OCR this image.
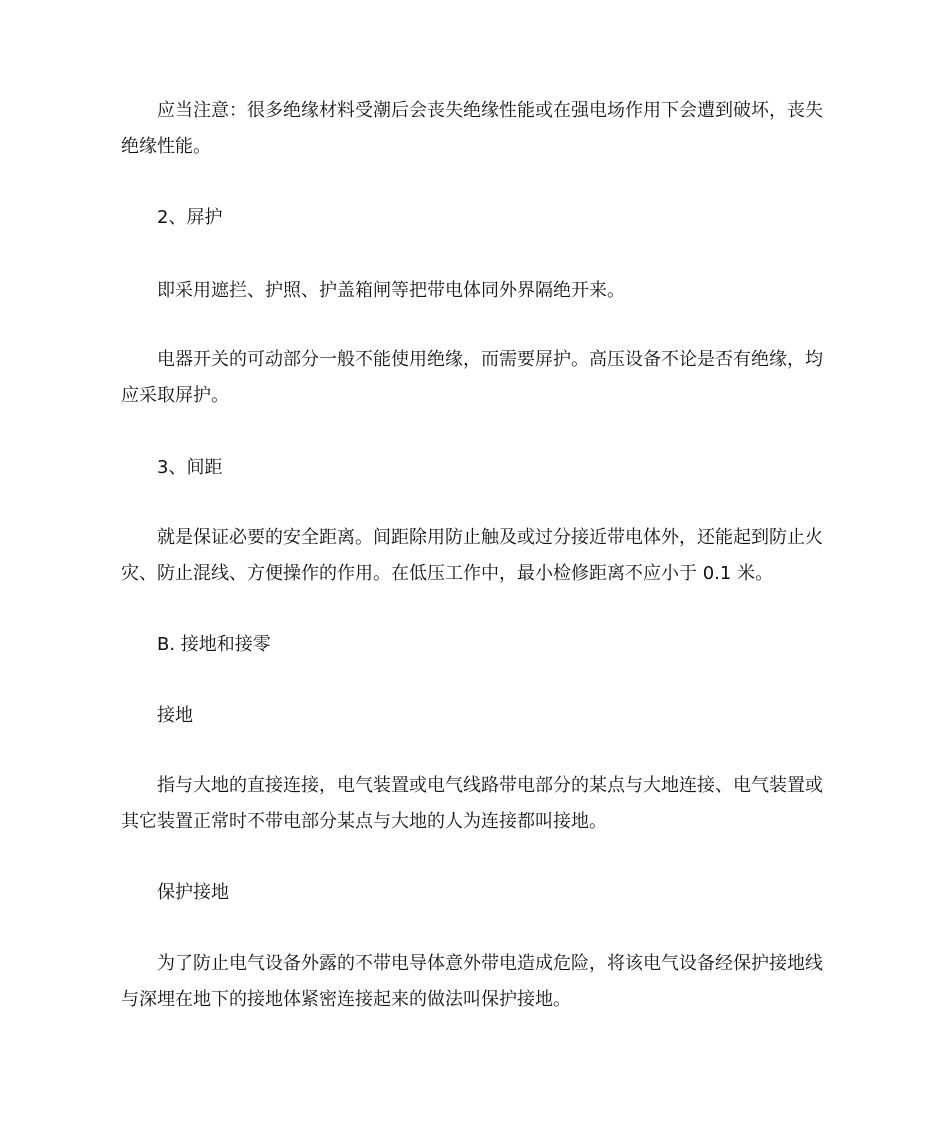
应当注意：很多绝缘材料受潮后会丧失绝缘性能或在强电场作用下会遭到破坏，丧失绝缘性能。

2、屏护

即采用遮拦、护照、护盖箱闸等把带电体同外界隔绝开来。

电器开关的可动部分一般不能使用绝缘，而需要屏护。高压设备不论是否有绝缘，均应采取屏护。

3、间距

就是保证必要的安全距离。间距除用防止触及或过分接近带电体外，还能起到防止火灾、防止混线、方便操作的作用。在低压工作中，最小检修距离不应小于 0.1 米。

B. 接地和接零

接地

指与大地的直接连接，电气装置或电气线路带电部分的某点与大地连接、电气装置或其它装置正常时不带电部分某点与大地的人为连接都叫接地。

保护接地

为了防止电气设备外露的不带电导体意外带电造成危险，将该电气设备经保护接地线与深埋在地下的接地体紧密连接起来的做法叫保护接地。
